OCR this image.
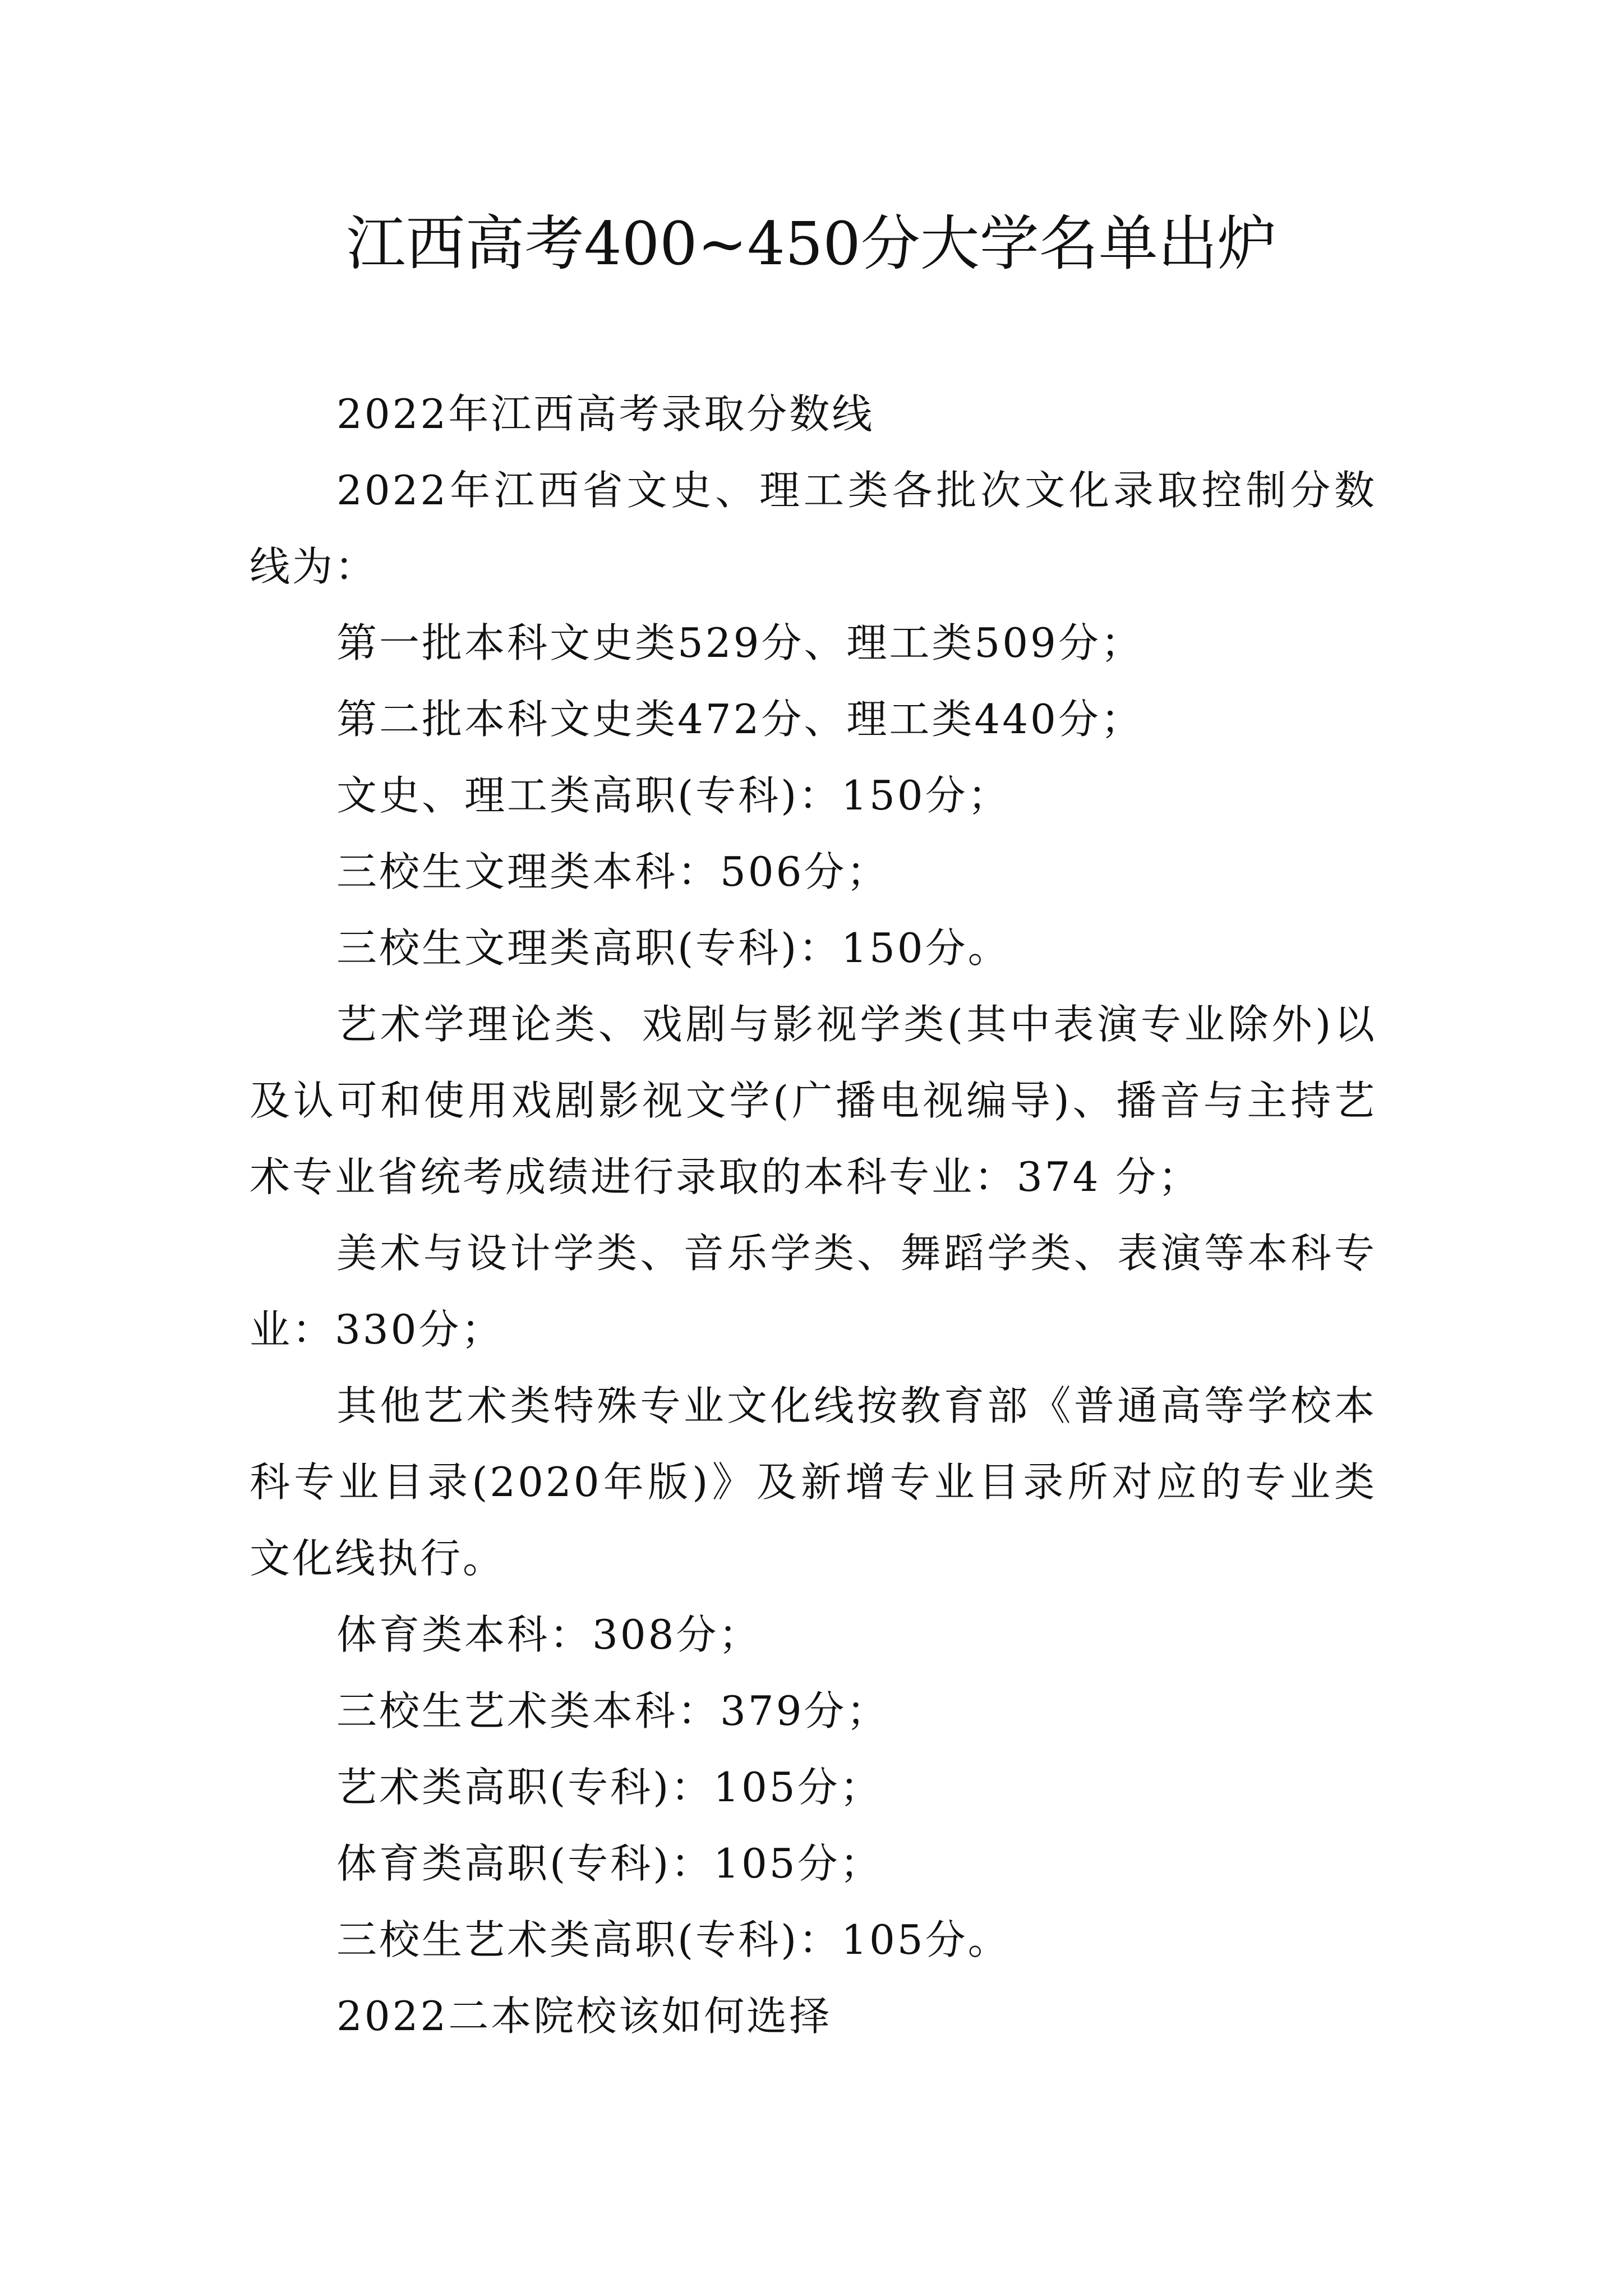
江西高考400~450分大学名单出炉

2022年江西高考录取分数线

2022年江西省文史、理工类各批次文化录取控制分数线为：

第一批本科文史类529分、理工类509分；

第二批本科文史类472分、理工类440分；

文史、理工类高职(专科)：150分；

三校生文理类本科：506分；

三校生文理类高职(专科)：150分。

艺术学理论类、戏剧与影视学类(其中表演专业除外)以及认可和使用戏剧影视文学(广播电视编导)、播音与主持艺术专业省统考成绩进行录取的本科专业：374 分；

美术与设计学类、音乐学类、舞蹈学类、表演等本科专业：330分；

其他艺术类特殊专业文化线按教育部《普通高等学校本科专业目录(2020年版)》及新增专业目录所对应的专业类文化线执行。

体育类本科：308分；

三校生艺术类本科：379分；

艺术类高职(专科)：105分；

体育类高职(专科)：105分；

三校生艺术类高职(专科)：105分。

2022二本院校该如何选择
